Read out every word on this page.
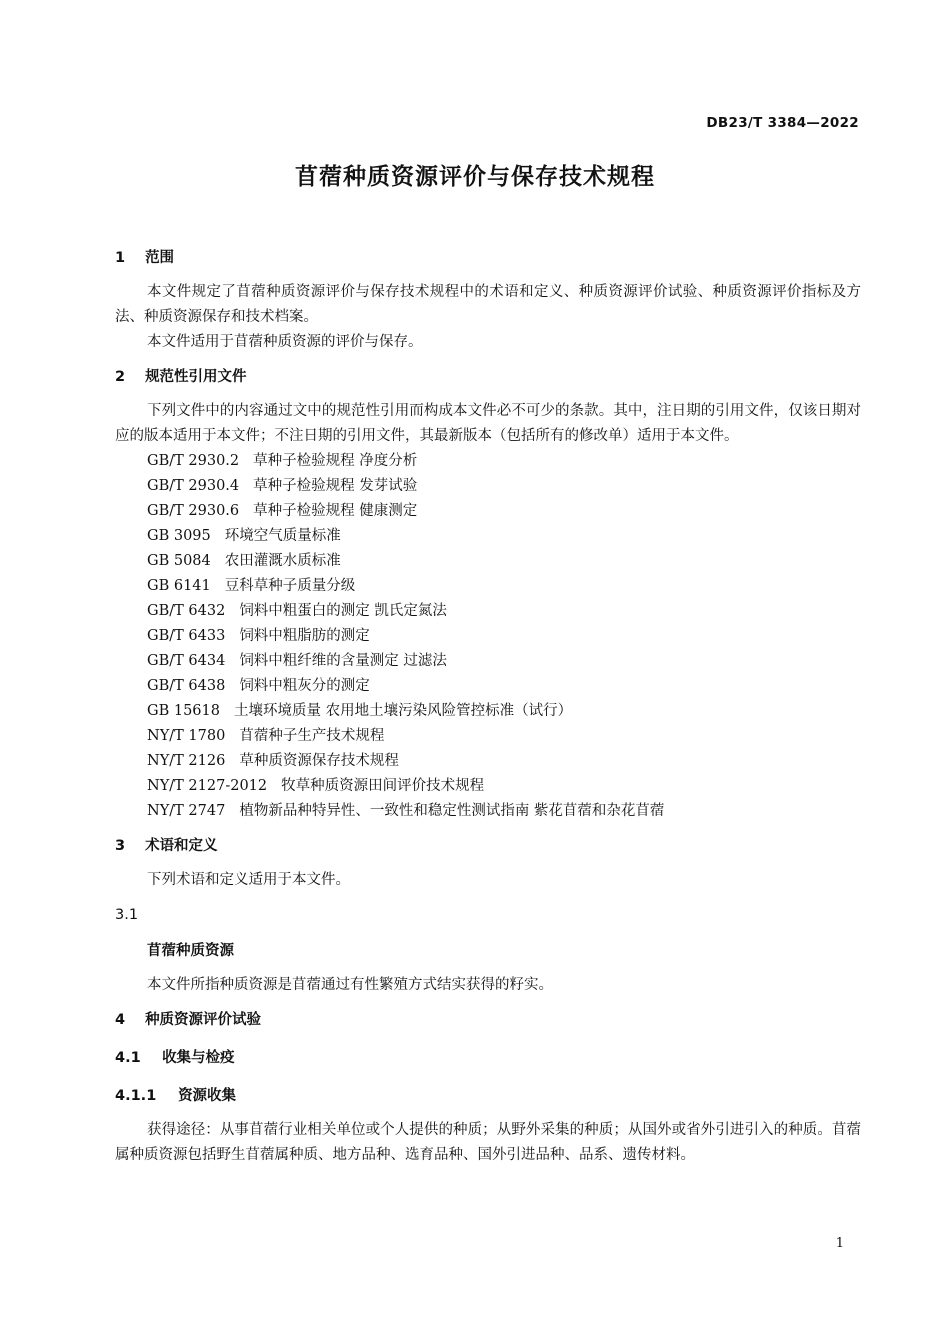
DB23/T 3384—2022
苜蓿种质资源评价与保存技术规程
1 范围

本文件规定了苜蓿种质资源评价与保存技术规程中的术语和定义、种质资源评价试验、种质资源评价指标及方法、种质资源保存和技术档案。

本文件适用于苜蓿种质资源的评价与保存。

2 规范性引用文件

下列文件中的内容通过文中的规范性引用而构成本文件必不可少的条款。其中，注日期的引用文件，仅该日期对应的版本适用于本文件；不注日期的引用文件，其最新版本（包括所有的修改单）适用于本文件。

GB/T 2930.2 草种子检验规程 净度分析
GB/T 2930.4 草种子检验规程 发芽试验
GB/T 2930.6 草种子检验规程 健康测定
GB 3095 环境空气质量标准
GB 5084 农田灌溉水质标准
GB 6141 豆科草种子质量分级
GB/T 6432 饲料中粗蛋白的测定 凯氏定氮法
GB/T 6433 饲料中粗脂肪的测定
GB/T 6434 饲料中粗纤维的含量测定 过滤法
GB/T 6438 饲料中粗灰分的测定
GB 15618 土壤环境质量 农用地土壤污染风险管控标准（试行）
NY/T 1780 苜蓿种子生产技术规程
NY/T 2126 草种质资源保存技术规程
NY/T 2127-2012 牧草种质资源田间评价技术规程
NY/T 2747 植物新品种特异性、一致性和稳定性测试指南 紫花苜蓿和杂花苜蓿
3 术语和定义

下列术语和定义适用于本文件。

3.1
苜蓿种质资源

本文件所指种质资源是苜蓿通过有性繁殖方式结实获得的籽实。

4 种质资源评价试验
4.1 收集与检疫
4.1.1 资源收集

获得途径：从事苜蓿行业相关单位或个人提供的种质；从野外采集的种质；从国外或省外引进引入的种质。苜蓿属种质资源包括野生苜蓿属种质、地方品种、选育品种、国外引进品种、品系、遗传材料。

1
